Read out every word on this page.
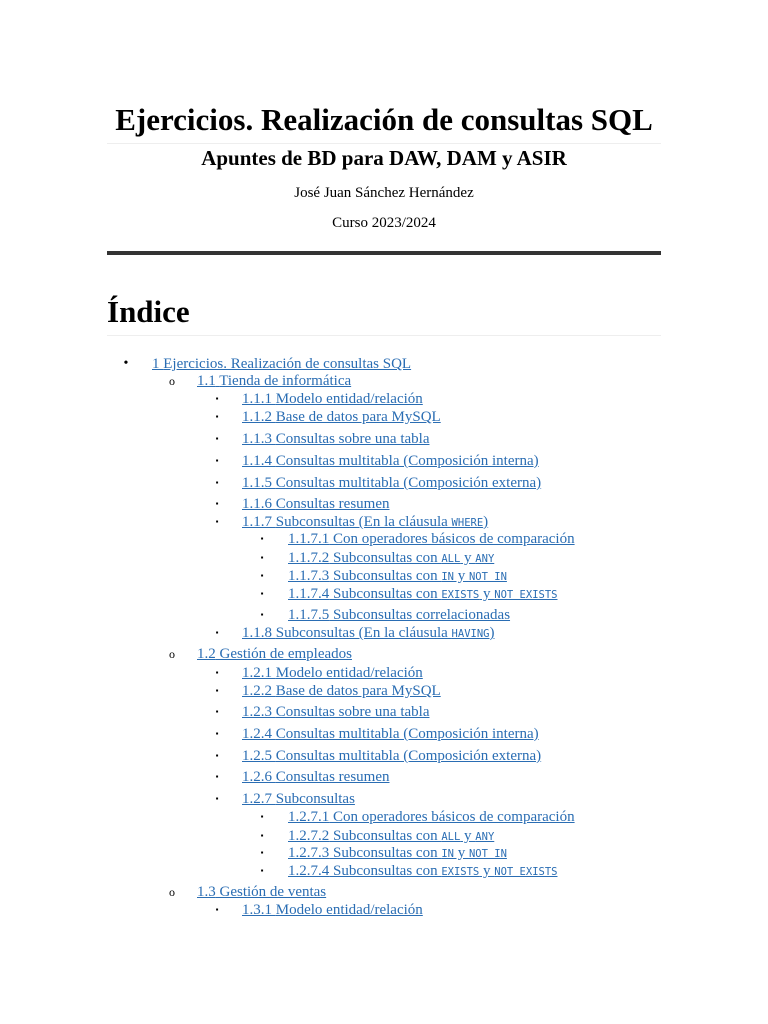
Ejercicios. Realización de consultas SQL
Apuntes de BD para DAW, DAM y ASIR
José Juan Sánchez Hernández
Curso 2023/2024
Índice
• 1 Ejercicios. Realización de consultas SQL
o 1.1 Tienda de informática
▪	1.1.1 Modelo entidad/relación
▪	1.1.2 Base de datos para MySQL
▪	1.1.3 Consultas sobre una tabla
▪	1.1.4 Consultas multitabla (Composición interna)
▪	1.1.5 Consultas multitabla (Composición externa)
▪	1.1.6 Consultas resumen
▪	1.1.7 Subconsultas (En la cláusula WHERE)
▪	1.1.7.1 Con operadores básicos de comparación
▪	1.1.7.2 Subconsultas con ALL y ANY
▪	1.1.7.3 Subconsultas con IN y NOT IN
▪	1.1.7.4 Subconsultas con EXISTS y NOT EXISTS
▪	1.1.7.5 Subconsultas correlacionadas
▪	1.1.8 Subconsultas (En la cláusula HAVING)
o 1.2 Gestión de empleados
▪	1.2.1 Modelo entidad/relación
▪	1.2.2 Base de datos para MySQL
▪	1.2.3 Consultas sobre una tabla
▪	1.2.4 Consultas multitabla (Composición interna)
▪	1.2.5 Consultas multitabla (Composición externa)
▪	1.2.6 Consultas resumen
▪	1.2.7 Subconsultas
▪	1.2.7.1 Con operadores básicos de comparación
▪	1.2.7.2 Subconsultas con ALL y ANY
▪	1.2.7.3 Subconsultas con IN y NOT IN
▪	1.2.7.4 Subconsultas con EXISTS y NOT EXISTS
o 1.3 Gestión de ventas
▪	1.3.1 Modelo entidad/relación
